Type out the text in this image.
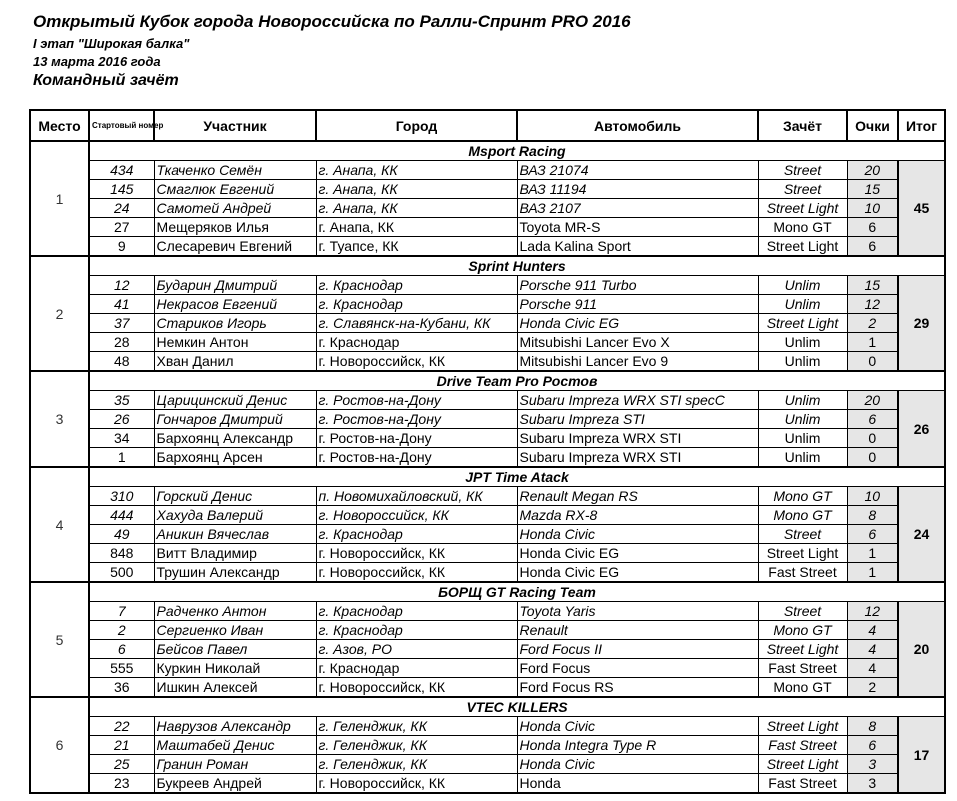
Открытый Кубок города Новороссийска по Ралли-Спринт PRO 2016
I этап "Широкая балка"
13 марта 2016 года
Командный зачёт
Место	Стартовый номер	Участник	Город	Автомобиль	Зачёт	Очки	Итог
1	Msport Racing						
	434	Ткаченко Семён	г. Анапа, КК	ВАЗ 21074	Street	20	45
	145	Смаглюк Евгений	г. Анапа, КК	ВАЗ 11194	Street	15	
	24	Самотей Андрей	г. Анапа, КК	ВАЗ 2107	Street Light	10	
	27	Мещеряков Илья	г. Анапа, КК	Toyota MR-S	Mono GT	6	
	9	Слесаревич Евгений	г. Туапсе, КК	Lada Kalina Sport	Street Light	6	
2	Sprint Hunters						
	12	Бударин Дмитрий	г. Краснодар	Porsche 911 Turbo	Unlim	15	29
	41	Некрасов Евгений	г. Краснодар	Porsche 911	Unlim	12	
	37	Стариков Игорь	г. Славянск-на-Кубани, КК	Honda Civic EG	Street Light	2	
	28	Немкин Антон	г. Краснодар	Mitsubishi Lancer Evo X	Unlim	1	
	48	Хван Данил	г. Новороссийск, КК	Mitsubishi Lancer Evo 9	Unlim	0	
3	Drive Team Pro Ростов						
	35	Царицинский Денис	г. Ростов-на-Дону	Subaru Impreza WRX STI specC	Unlim	20	26
	26	Гончаров Дмитрий	г. Ростов-на-Дону	Subaru Impreza STI	Unlim	6	
	34	Бархоянц Александр	г. Ростов-на-Дону	Subaru Impreza WRX STI	Unlim	0	
	1	Бархоянц Арсен	г. Ростов-на-Дону	Subaru Impreza WRX STI	Unlim	0	
4	JPT Time Atack						
	310	Горский Денис	п. Новомихайловский, КК	Renault Megan RS	Mono GT	10	24
	444	Хахуда Валерий	г. Новороссийск, КК	Mazda RX-8	Mono GT	8	
	49	Аникин Вячеслав	г. Краснодар	Honda Civic	Street	6	
	848	Витт Владимир	г. Новороссийск, КК	Honda Civic EG	Street Light	1	
	500	Трушин Александр	г. Новороссийск, КК	Honda Civic EG	Fast Street	1	
5	БОРЩ GT Racing Team						
	7	Радченко Антон	г. Краснодар	Toyota Yaris	Street	12	20
	2	Сергиенко Иван	г. Краснодар	Renault	Mono GT	4	
	6	Бейсов Павел	г. Азов, РО	Ford Focus II	Street Light	4	
	555	Куркин Николай	г. Краснодар	Ford Focus	Fast Street	4	
	36	Ишкин Алексей	г. Новороссийск, КК	Ford Focus RS	Mono GT	2	
6	VTEC KILLERS						
	22	Наврузов Александр	г. Геленджик, КК	Honda Civic	Street Light	8	17
	21	Маштабей Денис	г. Геленджик, КК	Honda Integra Type R	Fast Street	6	
	25	Гранин Роман	г. Геленджик, КК	Honda Civic	Street Light	3	
	23	Букреев Андрей	г. Новороссийск, КК	Honda	Fast Street	3	
